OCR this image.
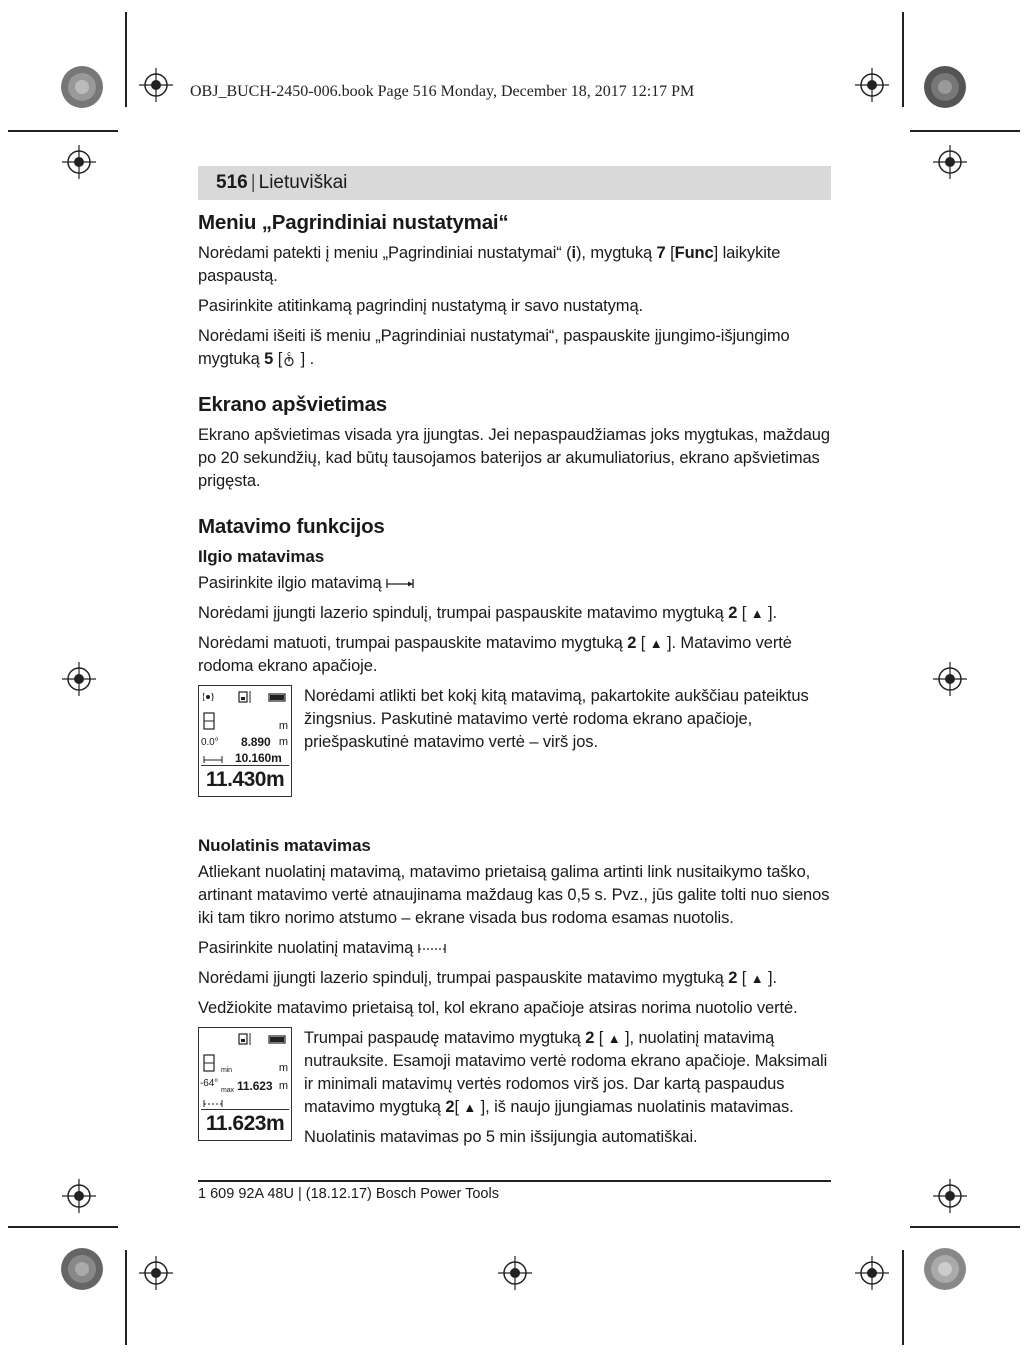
OBJ_BUCH-2450-006.book Page 516 Monday, December 18, 2017 12:17 PM
516 | Lietuviškai
Meniu „Pagrindiniai nustatymai“

Norėdami patekti į meniu „Pagrindiniai nustatymai“ (i), mygtuką 7 [Func] laikykite paspaustą.

Pasirinkite atitinkamą pagrindinį nustatymą ir savo nustatymą.

Norėdami išeiti iš meniu „Pagrindiniai nustatymai“, paspauskite įjungimo-išjungimo mygtuką 5 [ c ] .

Ekrano apšvietimas

Ekrano apšvietimas visada yra įjungtas. Jei nepaspaudžiamas joks mygtukas, maždaug po 20 sekundžių, kad būtų tausojamos baterijos ar akumuliatorius, ekrano apšvietimas prigęsta.

Matavimo funkcijos
Ilgio matavimas

Pasirinkite ilgio matavimą

Norėdami įjungti lazerio spindulį, trumpai paspauskite matavimo mygtuką 2 [ ▲ ].

Norėdami matuoti, trumpai paspauskite matavimo mygtuką 2 [ ▲ ]. Matavimo vertė rodoma ekrano apačioje.

m
0.0° 8.890 m
10.160m
11.430m
Norėdami atlikti bet kokį kitą matavimą, pakartokite aukščiau pateiktus žingsnius. Paskutinė matavimo vertė rodoma ekrano apačioje, priešpaskutinė matavimo vertė – virš jos.
Nuolatinis matavimas

Atliekant nuolatinį matavimą, matavimo prietaisą galima artinti link nusitaikymo taško, artinant matavimo vertė atnaujinama maždaug kas 0,5 s. Pvz., jūs galite tolti nuo sienos iki tam tikro norimo atstumo – ekrane visada bus rodoma esamas nuotolis.

Pasirinkite nuolatinį matavimą

Norėdami įjungti lazerio spindulį, trumpai paspauskite matavimo mygtuką 2 [ ▲ ].

Vedžiokite matavimo prietaisą tol, kol ekrano apačioje atsiras norima nuotolio vertė.

min	m
-64°
max 11.623 m
11.623m

Trumpai paspaudę matavimo mygtuką 2 [ ▲ ], nuolatinį matavimą nutrauksite. Esamoji matavimo vertė rodoma ekrano apačioje. Maksimali ir minimali matavimų vertės rodomos virš jos. Dar kartą paspaudus matavimo mygtuką 2[ ▲ ], iš naujo įjungiamas nuolatinis matavimas.

Nuolatinis matavimas po 5 min išsijungia automatiškai.

1 609 92A 48U | (18.12.17) Bosch Power Tools
